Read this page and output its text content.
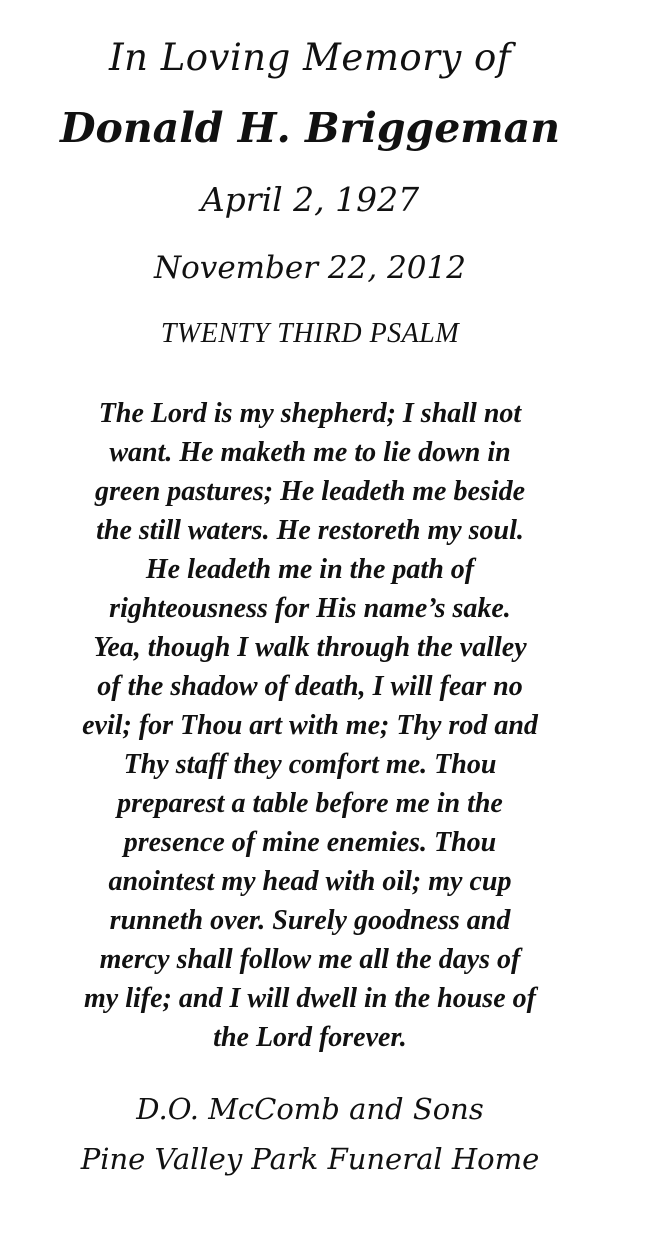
In Loving Memory of
Donald H. Briggeman
April 2, 1927
November 22, 2012
TWENTY THIRD PSALM
The Lord is my shepherd; I shall not
want. He maketh me to lie down in
green pastures; He leadeth me beside
the still waters. He restoreth my soul.
He leadeth me in the path of
righteousness for His name’s sake.
Yea, though I walk through the valley
of the shadow of death, I will fear no
evil; for Thou art with me; Thy rod and
Thy staff they comfort me. Thou
preparest a table before me in the
presence of mine enemies. Thou
anointest my head with oil; my cup
runneth over. Surely goodness and
mercy shall follow me all the days of
my life; and I will dwell in the house of
the Lord forever.
D.O. McComb and Sons
Pine Valley Park Funeral Home
